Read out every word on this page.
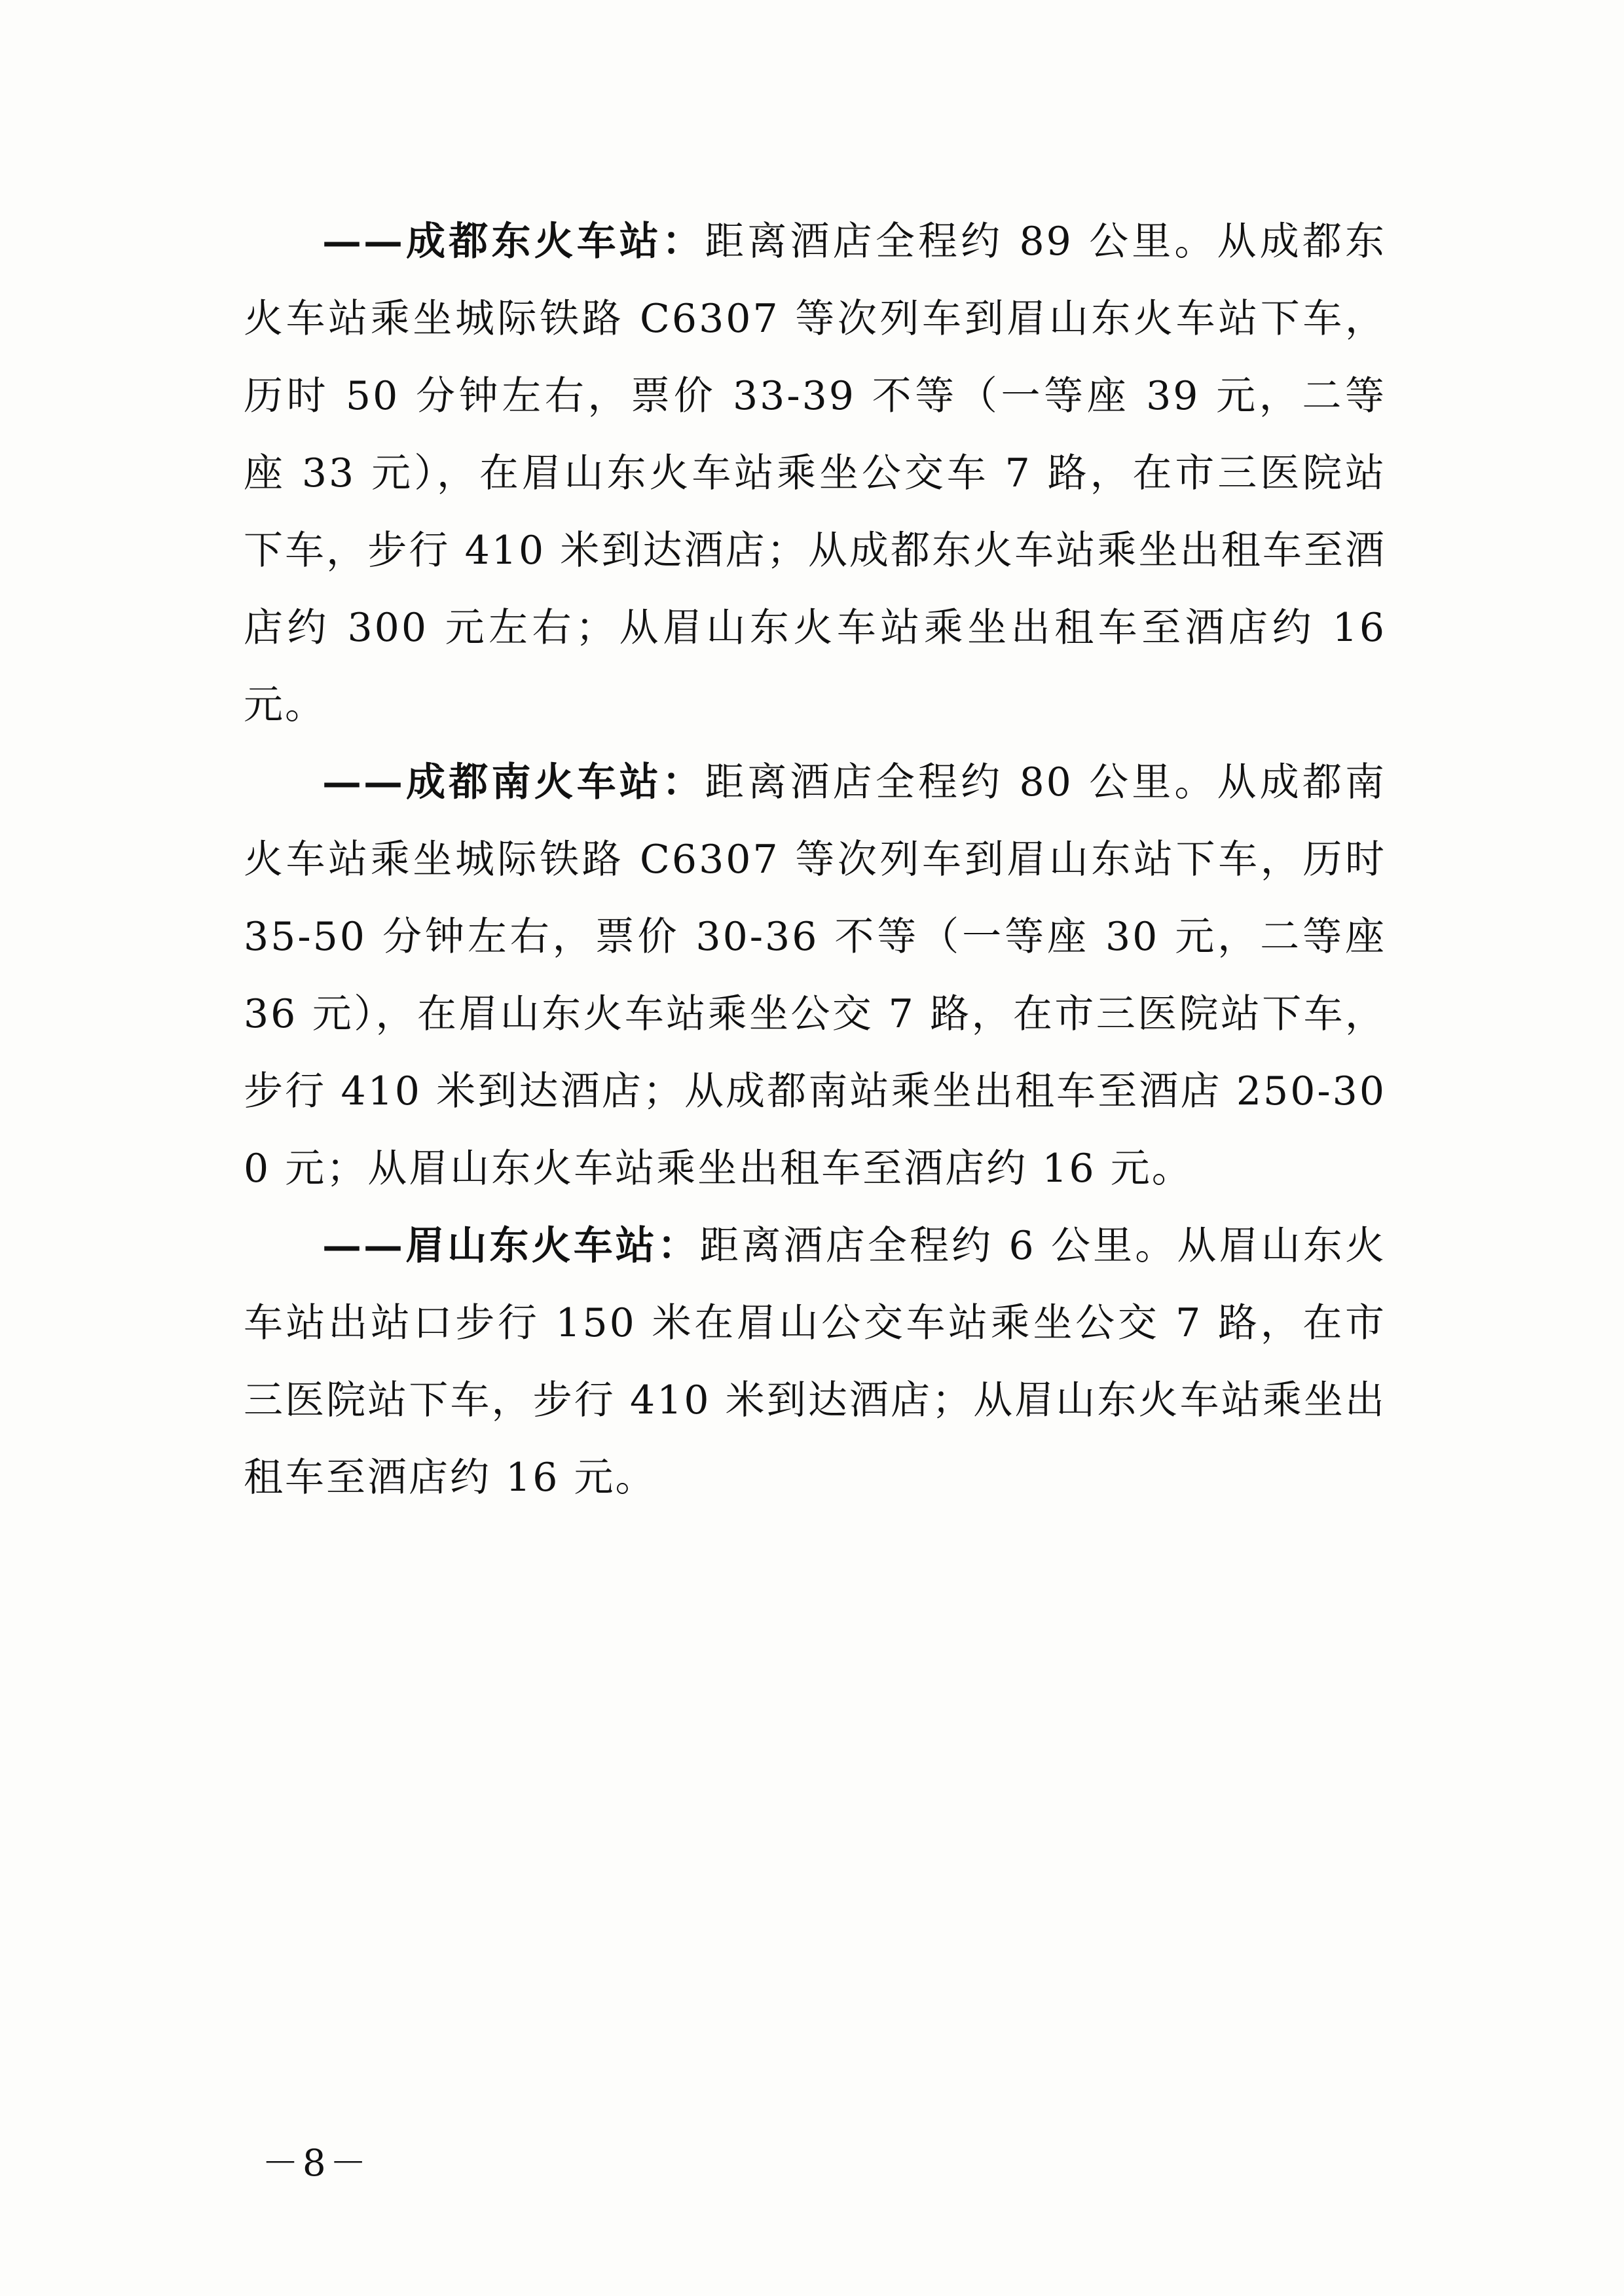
——成都东火车站：距离酒店全程约 89 公里。从成都东火车站乘坐城际铁路 C6307 等次列车到眉山东火车站下车，历时 50 分钟左右，票价 33-39 不等（一等座 39 元，二等座 33 元），在眉山东火车站乘坐公交车 7 路，在市三医院站下车，步行 410 米到达酒店；从成都东火车站乘坐出租车至酒店约 300 元左右；从眉山东火车站乘坐出租车至酒店约 16 元。

——成都南火车站：距离酒店全程约 80 公里。从成都南火车站乘坐城际铁路 C6307 等次列车到眉山东站下车，历时 35-50 分钟左右，票价 30-36 不等（一等座 30 元，二等座 36 元），在眉山东火车站乘坐公交 7 路，在市三医院站下车，步行 410 米到达酒店；从成都南站乘坐出租车至酒店 250-300 元；从眉山东火车站乘坐出租车至酒店约 16 元。

——眉山东火车站：距离酒店全程约 6 公里。从眉山东火车站出站口步行 150 米在眉山公交车站乘坐公交 7 路，在市三医院站下车，步行 410 米到达酒店；从眉山东火车站乘坐出租车至酒店约 16 元。

－8－
